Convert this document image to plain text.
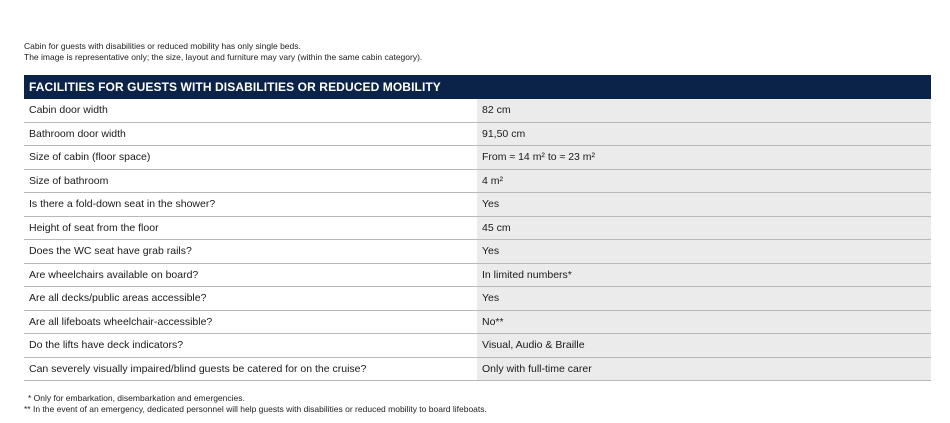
Cabin for guests with disabilities or reduced mobility has only single beds.
The image is representative only; the size, layout and furniture may vary (within the same cabin category).
FACILITIES FOR GUESTS WITH DISABILITIES OR REDUCED MOBILITY
Cabin door width	82 cm
Bathroom door width	91,50 cm
Size of cabin (floor space)	From ≈ 14 m² to ≈ 23 m²
Size of bathroom	4 m²
Is there a fold-down seat in the shower?	Yes
Height of seat from the floor	45 cm
Does the WC seat have grab rails?	Yes
Are wheelchairs available on board?	In limited numbers*
Are all decks/public areas accessible?	Yes
Are all lifeboats wheelchair-accessible?	No**
Do the lifts have deck indicators?	Visual, Audio & Braille
Can severely visually impaired/blind guests be catered for on the cruise?	Only with full-time carer
* Only for embarkation, disembarkation and emergencies.
** In the event of an emergency, dedicated personnel will help guests with disabilities or reduced mobility to board lifeboats.
